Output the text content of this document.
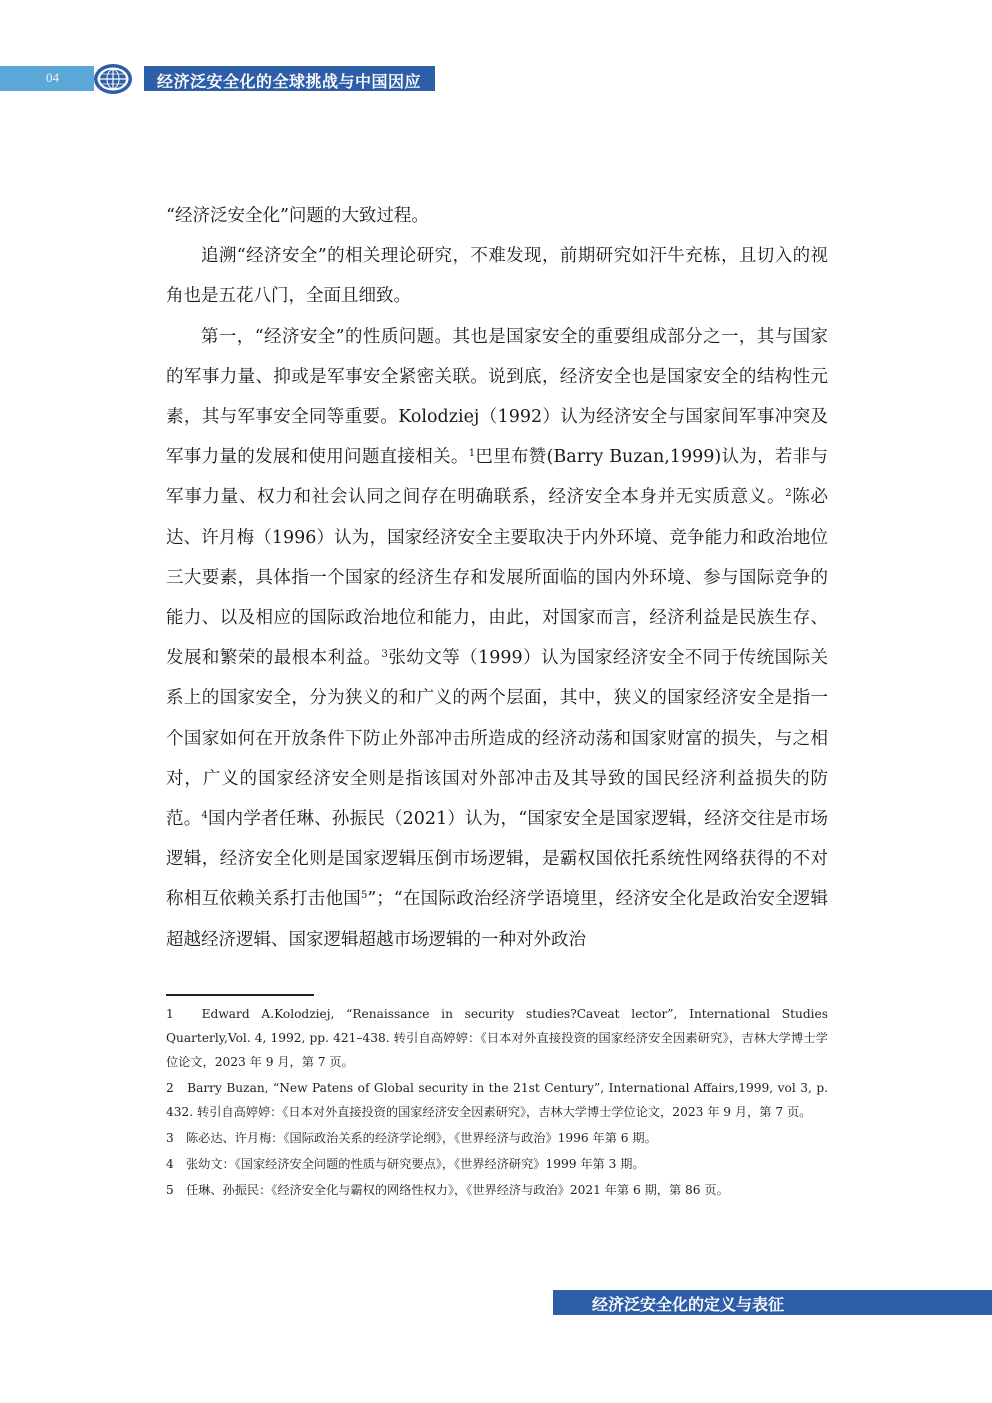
04	经济泛安全化的全球挑战与中国因应

“经济泛安全化”问题的大致过程。

追溯“经济安全”的相关理论研究，不难发现，前期研究如汗牛充栋，且切入的视角也是五花八门，全面且细致。

第一，“经济安全”的性质问题。其也是国家安全的重要组成部分之一，其与国家的军事力量、抑或是军事安全紧密关联。说到底，经济安全也是国家安全的结构性元素，其与军事安全同等重要。Kolodziej（1992）认为经济安全与国家间军事冲突及军事力量的发展和使用问题直接相关。$^1$巴里布赞(Barry Buzan,1999)认为，若非与军事力量、权力和社会认同之间存在明确联系，经济安全本身并无实质意义。$^2$陈必达、许月梅（1996）认为，国家经济安全主要取决于内外环境、竞争能力和政治地位三大要素，具体指一个国家的经济生存和发展所面临的国内外环境、参与国际竞争的能力、以及相应的国际政治地位和能力，由此，对国家而言，经济利益是民族生存、发展和繁荣的最根本利益。$^3$张幼文等（1999）认为国家经济安全不同于传统国际关系上的国家安全，分为狭义的和广义的两个层面，其中，狭义的国家经济安全是指一个国家如何在开放条件下防止外部冲击所造成的经济动荡和国家财富的损失，与之相对，广义的国家经济安全则是指该国对外部冲击及其导致的国民经济利益损失的防范。$^4$国内学者任琳、孙振民（2021）认为，“国家安全是国家逻辑，经济交往是市场逻辑，经济安全化则是国家逻辑压倒市场逻辑，是霸权国依托系统性网络获得的不对称相互依赖关系打击他国$^5$”；“在国际政治经济学语境里，经济安全化是政治安全逻辑超越经济逻辑、国家逻辑超越市场逻辑的一种对外政治

1　Edward A.Kolodziej, “Renaissance in security studies?Caveat lector”, International Studies Quarterly,Vol. 4, 1992, pp. 421–438. 转引自高婷婷：《日本对外直接投资的国家经济安全因素研究》，吉林大学博士学位论文，2023 年 9 月，第 7 页。

2　Barry Buzan, “New Patens of Global security in the 21st Century”, International Affairs,1999, vol 3, p. 432. 转引自高婷婷：《日本对外直接投资的国家经济安全因素研究》，吉林大学博士学位论文，2023 年 9 月，第 7 页。

3　陈必达、许月梅：《国际政治关系的经济学论纲》，《世界经济与政治》1996 年第 6 期。

4　张幼文：《国家经济安全问题的性质与研究要点》，《世界经济研究》1999 年第 3 期。

5　任琳、孙振民：《经济安全化与霸权的网络性权力》，《世界经济与政治》2021 年第 6 期，第 86 页。

经济泛安全化的定义与表征
